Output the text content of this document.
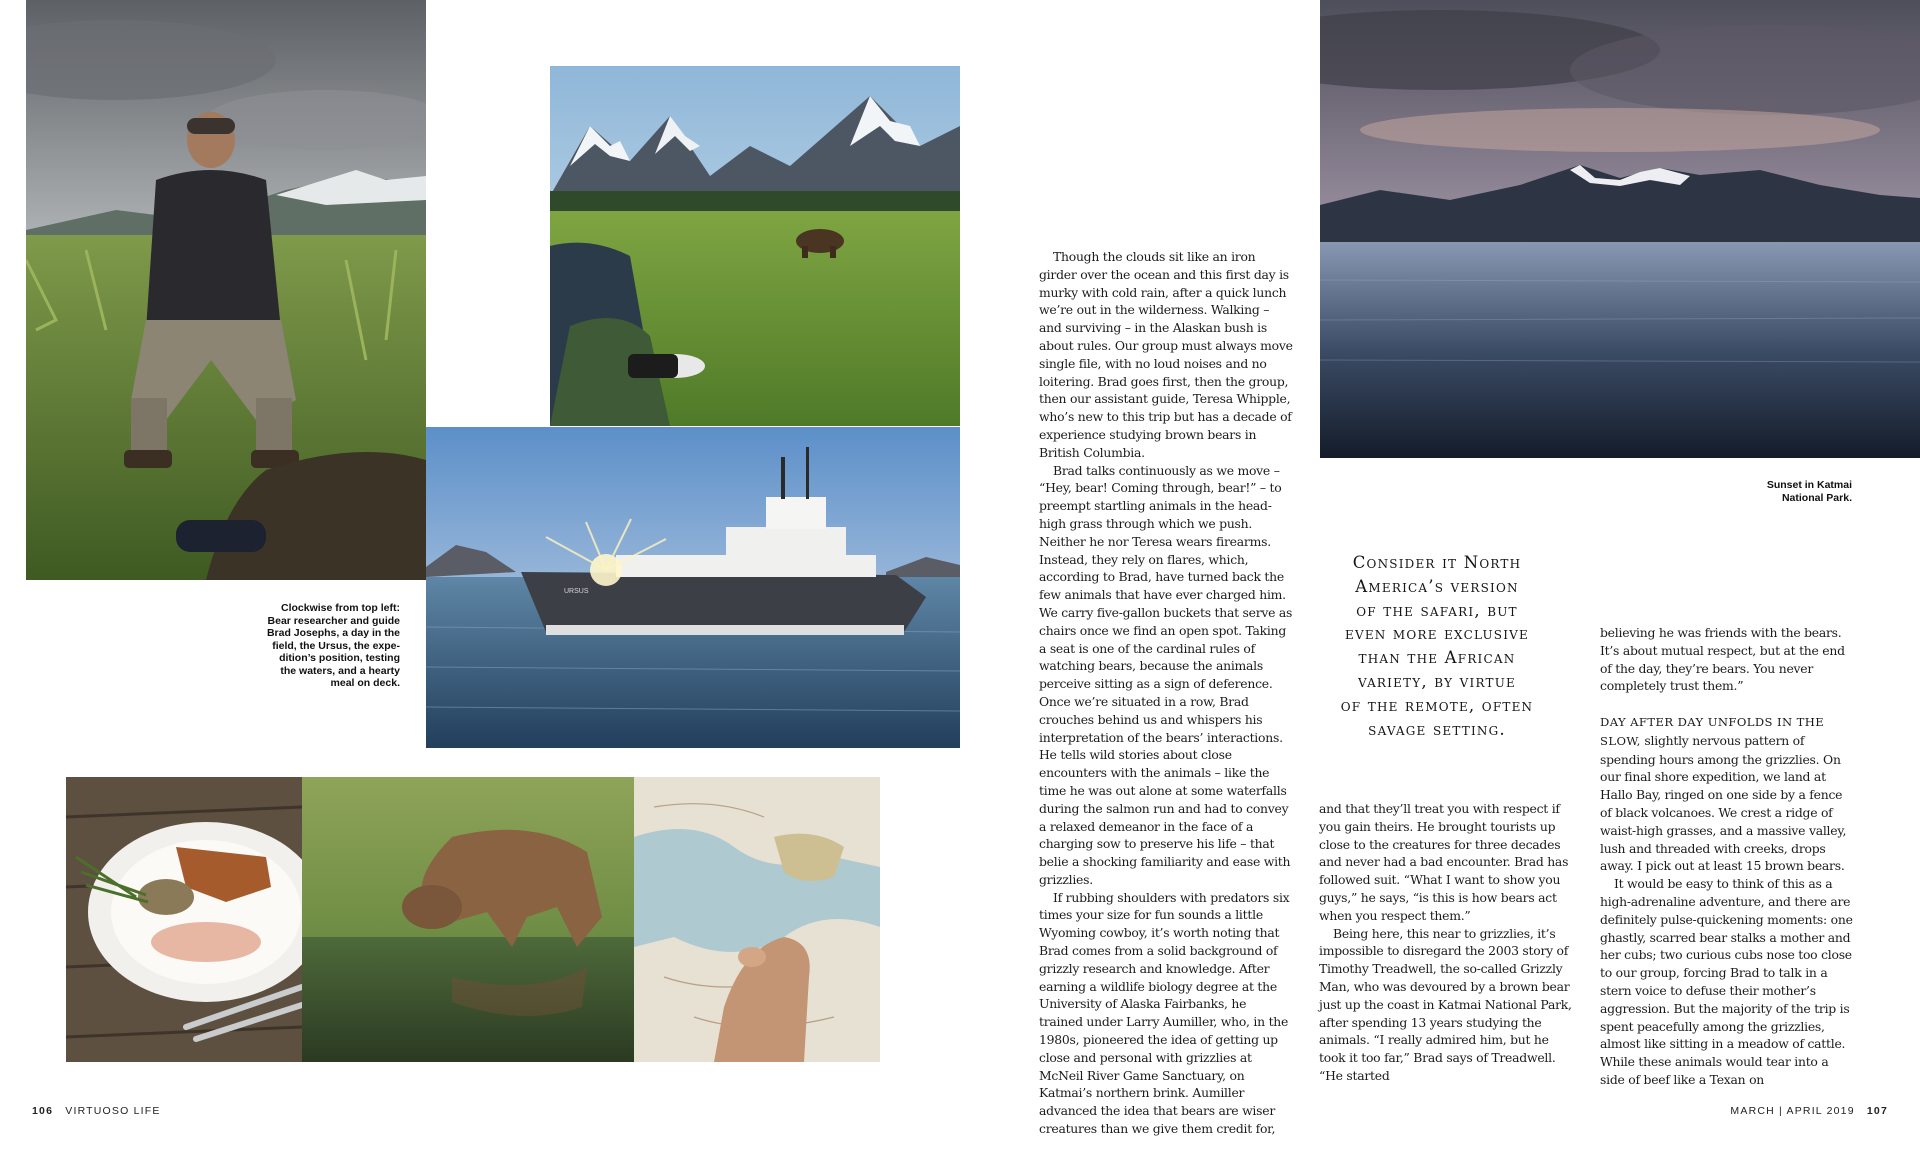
URSUS
Clockwise from top left:
Bear researcher and guide
Brad Josephs, a day in the
field, the Ursus, the expe-
dition’s position, testing
the waters, and a hearty
meal on deck.
Sunset in Katmai
National Park.

Though the clouds sit like an iron girder over the ocean and this first day is murky with cold rain, after a quick lunch we’re out in the wilderness. Walking – and surviving – in the Alaskan bush is about rules. Our group must always move single file, with no loud noises and no loitering. Brad goes first, then the group, then our assistant guide, Teresa Whipple, who’s new to this trip but has a decade of experience studying brown bears in British Columbia.

Brad talks continuously as we move – “Hey, bear! Coming through, bear!” – to preempt startling animals in the head-high grass through which we push. Neither he nor Teresa wears firearms. Instead, they rely on flares, which, according to Brad, have turned back the few animals that have ever charged him. We carry five-gallon buckets that serve as chairs once we find an open spot. Taking a seat is one of the cardinal rules of watching bears, because the animals perceive sitting as a sign of deference. Once we’re situated in a row, Brad crouches behind us and whispers his interpretation of the bears’ interactions. He tells wild stories about close encounters with the animals – like the time he was out alone at some waterfalls during the salmon run and had to convey a relaxed demeanor in the face of a charging sow to preserve his life – that belie a shocking familiarity and ease with grizzlies.

If rubbing shoulders with predators six times your size for fun sounds a little Wyoming cowboy, it’s worth noting that Brad comes from a solid background of grizzly research and knowledge. After earning a wildlife biology degree at the University of Alaska Fairbanks, he trained under Larry Aumiller, who, in the 1980s, pioneered the idea of getting up close and personal with grizzlies at McNeil River Game Sanctuary, on Katmai’s northern brink. Aumiller advanced the idea that bears are wiser creatures than we give them credit for,

Consider it North
America’s version
of the safari, but
even more exclusive
than the African
variety, by virtue
of the remote, often
savage setting.

and that they’ll treat you with respect if you gain theirs. He brought tourists up close to the creatures for three decades and never had a bad encounter. Brad has followed suit. “What I want to show you guys,” he says, “is this is how bears act when you respect them.”

Being here, this near to grizzlies, it’s impossible to disregard the 2003 story of Timothy Treadwell, the so-called Grizzly Man, who was devoured by a brown bear just up the coast in Katmai National Park, after spending 13 years studying the animals. “I really admired him, but he took it too far,” Brad says of Treadwell. “He started

believing he was friends with the bears. It’s about mutual respect, but at the end of the day, they’re bears. You never completely trust them.”

DAY AFTER DAY UNFOLDS IN THE SLOW, slightly nervous pattern of spending hours among the grizzlies. On our final shore expedition, we land at Hallo Bay, ringed on one side by a fence of black volcanoes. We crest a ridge of waist-high grasses, and a massive valley, lush and threaded with creeks, drops away. I pick out at least 15 brown bears.

It would be easy to think of this as a high-adrenaline adventure, and there are definitely pulse-quickening moments: one ghastly, scarred bear stalks a mother and her cubs; two curious cubs nose too close to our group, forcing Brad to talk in a stern voice to defuse their mother’s aggression. But the majority of the trip is spent peacefully among the grizzlies, almost like sitting in a meadow of cattle. While these animals would tear into a side of beef like a Texan on

106 VIRTUOSO LIFE	MARCH | APRIL 2019 107
